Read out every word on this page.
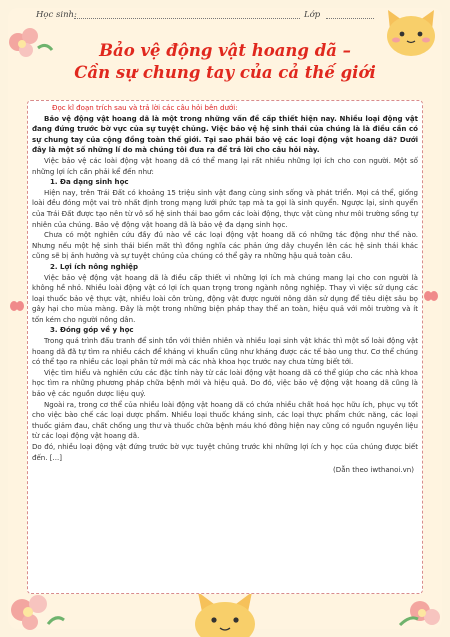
Học sinh:	Lớp
Bảo vệ động vật hoang dã –
Cần sự chung tay của cả thế giới

Đọc kĩ đoạn trích sau và trả lời các câu hỏi bên dưới:

Bảo vệ động vật hoang dã là một trong những vấn đề cấp thiết hiện nay. Nhiều loại động vật đang đứng trước bờ vực của sự tuyệt chủng. Việc bảo vệ hệ sinh thái của chúng là là điều cần có sự chung tay của cộng đồng toàn thế giới. Tại sao phải bảo vệ các loại động vật hoang dã? Dưới đây là một số những lí do mà chúng tôi đưa ra để trả lời cho câu hỏi này.

Việc bảo vệ các loài động vật hoang dã có thể mang lại rất nhiều những lợi ích cho con người. Một số những lợi ích cần phải kể đến như:

1. Đa dạng sinh học

Hiện nay, trên Trái Đất có khoảng 15 triệu sinh vật đang cùng sinh sống và phát triển. Mọi cá thể, giống loài đều đóng một vai trò nhất định trong mạng lưới phức tạp mà ta gọi là sinh quyển. Ngược lại, sinh quyển của Trái Đất được tạo nên từ vô số hệ sinh thái bao gồm các loài động, thực vật cùng như môi trường sống tự nhiên của chúng. Bảo vệ động vật hoang dã là bảo vệ đa dạng sinh học.

Chưa có một nghiên cứu đầy đủ nào về các loại động vật hoang dã có những tác động như thế nào. Nhưng nếu một hệ sinh thái biến mất thì đồng nghĩa các phản ứng dây chuyền lên các hệ sinh thái khác cũng sẽ bị ảnh hưởng và sự tuyệt chủng của chúng có thể gây ra những hậu quả toàn cầu.

2. Lợi ích nông nghiệp

Việc bảo vệ động vật hoang dã là điều cấp thiết vì những lợi ích mà chúng mang lại cho con người là không hề nhỏ. Nhiều loài động vật có lợi ích quan trọng trong ngành nông nghiệp. Thay vì việc sử dụng các loại thuốc bảo vệ thực vật, nhiều loài côn trùng, động vật được người nông dân sử dụng để tiêu diệt sâu bọ gây hại cho mùa màng. Đây là một trong những biện pháp thay thế an toàn, hiệu quả với môi trường và ít tốn kém cho người nông dân.

3. Đóng góp về y học

Trong quá trình đấu tranh để sinh tồn với thiên nhiên và nhiều loại sinh vật khác thì một số loài động vật hoang dã đã tự tìm ra nhiều cách để kháng vi khuẩn cũng như kháng được các tế bào ung thư. Cơ thể chúng có thể tạo ra nhiều các loại phân tử mới mà các nhà khoa học trước nay chưa từng biết tới.

Việc tìm hiểu và nghiên cứu các đặc tính này từ các loài động vật hoang dã có thể giúp cho các nhà khoa học tìm ra những phương pháp chữa bệnh mới và hiệu quả. Do đó, việc bảo vệ động vật hoang dã cũng là bảo vệ các nguồn dược liệu quý.

Ngoài ra, trong cơ thể của nhiều loài động vật hoang dã có chứa nhiều chất hoá học hữu ích, phục vụ tốt cho việc bào chế các loại dược phẩm. Nhiều loại thuốc kháng sinh, các loại thực phẩm chức năng, các loại thuốc giảm đau, chất chống ung thư và thuốc chữa bệnh máu khó đông hiện nay cũng có nguồn nguyên liệu từ các loại động vật hoang dã.

Do đó, nhiều loại động vật đứng trước bờ vực tuyệt chủng trước khi những lợi ích y học của chúng được biết đến. [...]

(Dẫn theo iwthanoi.vn)
